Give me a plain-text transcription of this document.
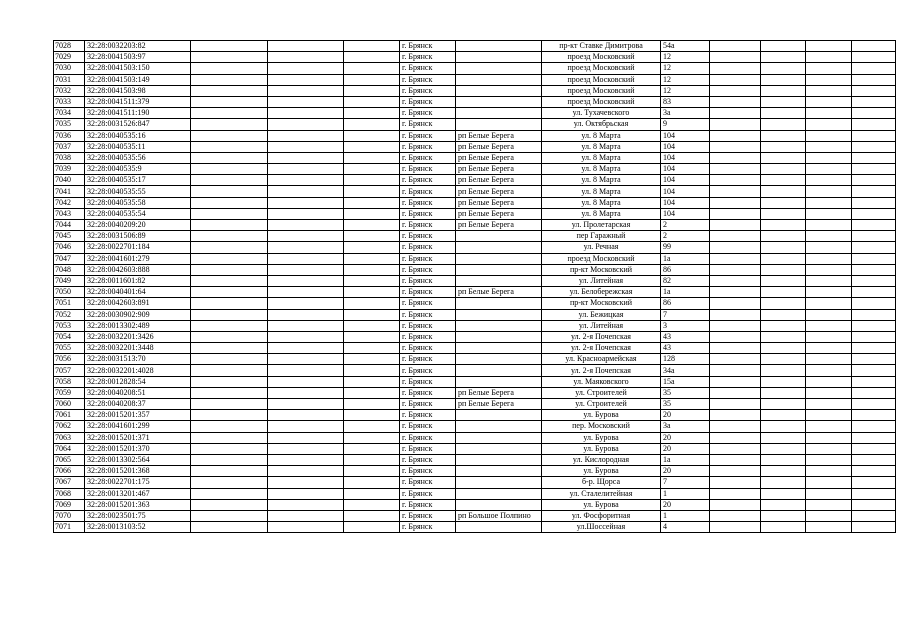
7028	32:28:0032203:82				г. Брянск		пр-кт Ставке Димитрова	54а				
7029	32:28:0041503:97				г. Брянск		проезд Московский	12				
7030	32:28:0041503:150				г. Брянск		проезд Московский	12				
7031	32:28:0041503:149				г. Брянск		проезд Московский	12				
7032	32:28:0041503:98				г. Брянск		проезд Московский	12				
7033	32:28:0041511:379				г. Брянск		проезд Московский	83				
7034	32:28:0041511:190				г. Брянск		ул. Тухачевского	3а				
7035	32:28:0031526:847				г. Брянск		ул. Октябрьская	9				
7036	32:28:0040535:16				г. Брянск	рп Белые Берега	ул. 8 Марта	104				
7037	32:28:0040535:11				г. Брянск	рп Белые Берега	ул. 8 Марта	104				
7038	32:28:0040535:56				г. Брянск	рп Белые Берега	ул. 8 Марта	104				
7039	32:28:0040535:9				г. Брянск	рп Белые Берега	ул. 8 Марта	104				
7040	32:28:0040535:17				г. Брянск	рп Белые Берега	ул. 8 Марта	104				
7041	32:28:0040535:55				г. Брянск	рп Белые Берега	ул. 8 Марта	104				
7042	32:28:0040535:58				г. Брянск	рп Белые Берега	ул. 8 Марта	104				
7043	32:28:0040535:54				г. Брянск	рп Белые Берега	ул. 8 Марта	104				
7044	32:28:0040209:20				г. Брянск	рп Белые Берега	ул. Пролетарская	2				
7045	32:28:0031506:89				г. Брянск		пер Гаражный	2				
7046	32:28:0022701:184				г. Брянск		ул. Речная	99				
7047	32:28:0041601:279				г. Брянск		проезд Московский	1а				
7048	32:28:0042603:888				г. Брянск		пр-кт Московский	86				
7049	32:28:0011601:82				г. Брянск		ул. Литейная	82				
7050	32:28:0040401:64				г. Брянск	рп Белые Берега	ул. Белобережская	1а				
7051	32:28:0042603:891				г. Брянск		пр-кт Московский	86				
7052	32:28:0030902:909				г. Брянск		ул. Бежицкая	7				
7053	32:28:0013302:489				г. Брянск		ул. Литейная	3				
7054	32:28:0032201:3426				г. Брянск		ул. 2-я Почепская	43				
7055	32:28:0032201:3448				г. Брянск		ул. 2-я Почепская	43				
7056	32:28:0031513:70				г. Брянск		ул. Красноармейская	128				
7057	32:28:0032201:4028				г. Брянск		ул. 2-я Почепская	34а				
7058	32:28:0012828:54				г. Брянск		ул. Маяковского	15а				
7059	32:28:0040208:51				г. Брянск	рп Белые Берега	ул. Строителей	35				
7060	32:28:0040208:37				г. Брянск	рп Белые Берега	ул. Строителей	35				
7061	32:28:0015201:357				г. Брянск		ул. Бурова	20				
7062	32:28:0041601:299				г. Брянск		пер. Московский	3а				
7063	32:28:0015201:371				г. Брянск		ул. Бурова	20				
7064	32:28:0015201:370				г. Брянск		ул. Бурова	20				
7065	32:28:0013302:564				г. Брянск		ул. Кислородная	1а				
7066	32:28:0015201:368				г. Брянск		ул. Бурова	20				
7067	32:28:0022701:175				г. Брянск		б-р. Щорса	7				
7068	32:28:0013201:467				г. Брянск		ул. Сталелитейная	1				
7069	32:28:0015201:363				г. Брянск		ул. Бурова	20				
7070	32:28:0023501:75				г. Брянск	рп Большое Полпино	ул. Фосфоритная	1				
7071	32:28:0013103:52				г. Брянск		ул.Шоссейная	4				
